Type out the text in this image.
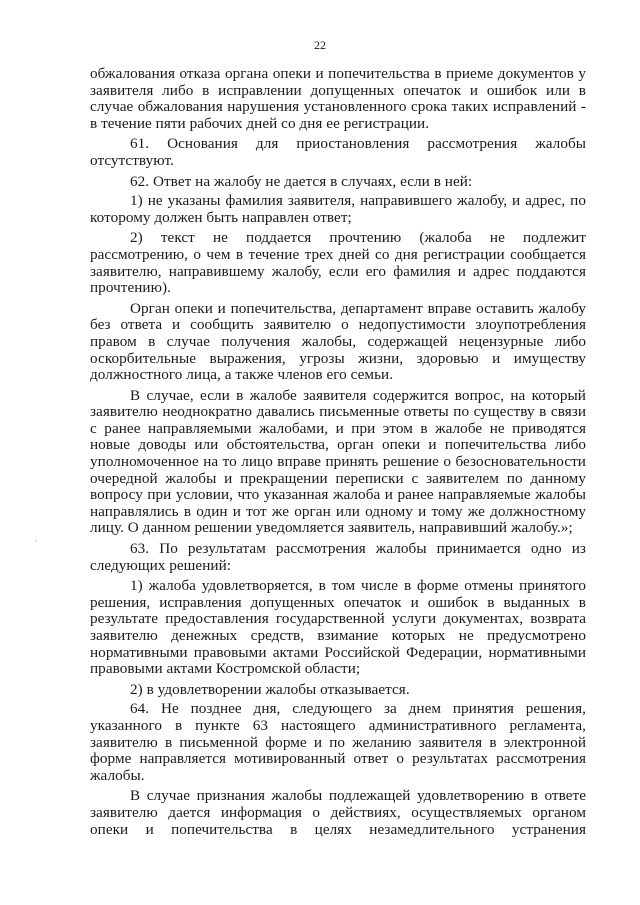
22

обжалования отказа органа опеки и попечительства в приеме документов у заявителя либо в исправлении допущенных опечаток и ошибок или в случае обжалования нарушения установленного срока таких исправлений - в течение пяти рабочих дней со дня ее регистрации.

61. Основания для приостановления рассмотрения жалобы отсутствуют.

62. Ответ на жалобу не дается в случаях, если в ней:

1) не указаны фамилия заявителя, направившего жалобу, и адрес, по которому должен быть направлен ответ;

2) текст не поддается прочтению (жалоба не подлежит рассмотрению, о чем в течение трех дней со дня регистрации сообщается заявителю, направившему жалобу, если его фамилия и адрес поддаются прочтению).

Орган опеки и попечительства, департамент вправе оставить жалобу без ответа и сообщить заявителю о недопустимости злоупотребления правом в случае получения жалобы, содержащей нецензурные либо оскорбительные выражения, угрозы жизни, здоровью и имуществу должностного лица, а также членов его семьи.

В случае, если в жалобе заявителя содержится вопрос, на который заявителю неоднократно давались письменные ответы по существу в связи с ранее направляемыми жалобами, и при этом в жалобе не приводятся новые доводы или обстоятельства, орган опеки и попечительства либо уполномоченное на то лицо вправе принять решение о безосновательности очередной жалобы и прекращении переписки с заявителем по данному вопросу при условии, что указанная жалоба и ранее направляемые жалобы направлялись в один и тот же орган или одному и тому же должностному лицу. О данном решении уведомляется заявитель, направивший жалобу.»;

63. По результатам рассмотрения жалобы принимается одно из следующих решений:

1) жалоба удовлетворяется, в том числе в форме отмены принятого решения, исправления допущенных опечаток и ошибок в выданных в результате предоставления государственной услуги документах, возврата заявителю денежных средств, взимание которых не предусмотрено нормативными правовыми актами Российской Федерации, нормативными правовыми актами Костромской области;

2) в удовлетворении жалобы отказывается.

64. Не позднее дня, следующего за днем принятия решения, указанного в пункте 63 настоящего административного регламента, заявителю в письменной форме и по желанию заявителя в электронной форме направляется мотивированный ответ о результатах рассмотрения жалобы.

В случае признания жалобы подлежащей удовлетворению в ответе заявителю дается информация о действиях, осуществляемых органом опеки и попечительства в целях незамедлительного устранения
